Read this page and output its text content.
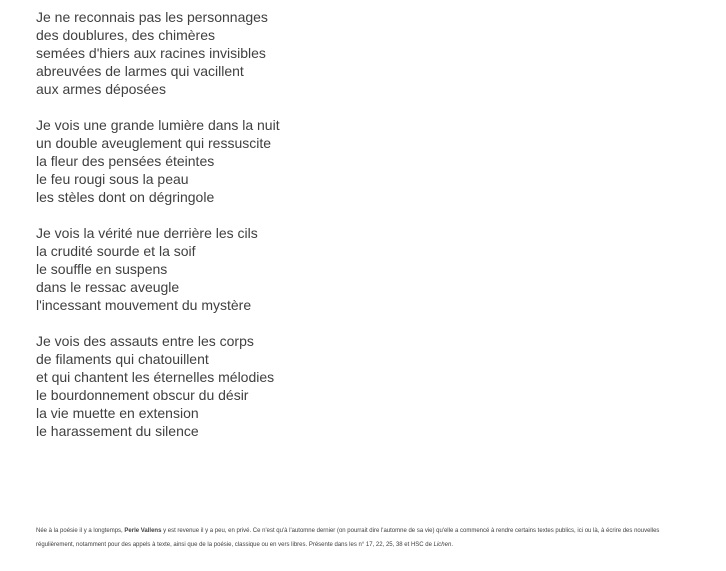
Je ne reconnais pas les personnages
des doublures, des chimères
semées d'hiers aux racines invisibles
abreuvées de larmes qui vacillent
aux armes déposées
Je vois une grande lumière dans la nuit
un double aveuglement qui ressuscite
la fleur des pensées éteintes
le feu rougi sous la peau
les stèles dont on dégringole
Je vois la vérité nue derrière les cils
la crudité sourde et la soif
le souffle en suspens
dans le ressac aveugle
l'incessant mouvement du mystère
Je vois des assauts entre les corps
de filaments qui chatouillent
et qui chantent les éternelles mélodies
le bourdonnement obscur du désir
la vie muette en extension
le harassement du silence
Née à la poésie il y a longtemps, Perle Vallens y est revenue il y a peu, en privé. Ce n'est qu'à l'automne dernier (on pourrait dire l'automne de sa vie) qu'elle a commencé à rendre certains textes publics, ici ou là, à écrire des nouvelles régulièrement, notamment pour des appels à texte, ainsi que de la poésie, classique ou en vers libres. Présente dans les n° 17, 22, 25, 38 et HSC de Lichen.
